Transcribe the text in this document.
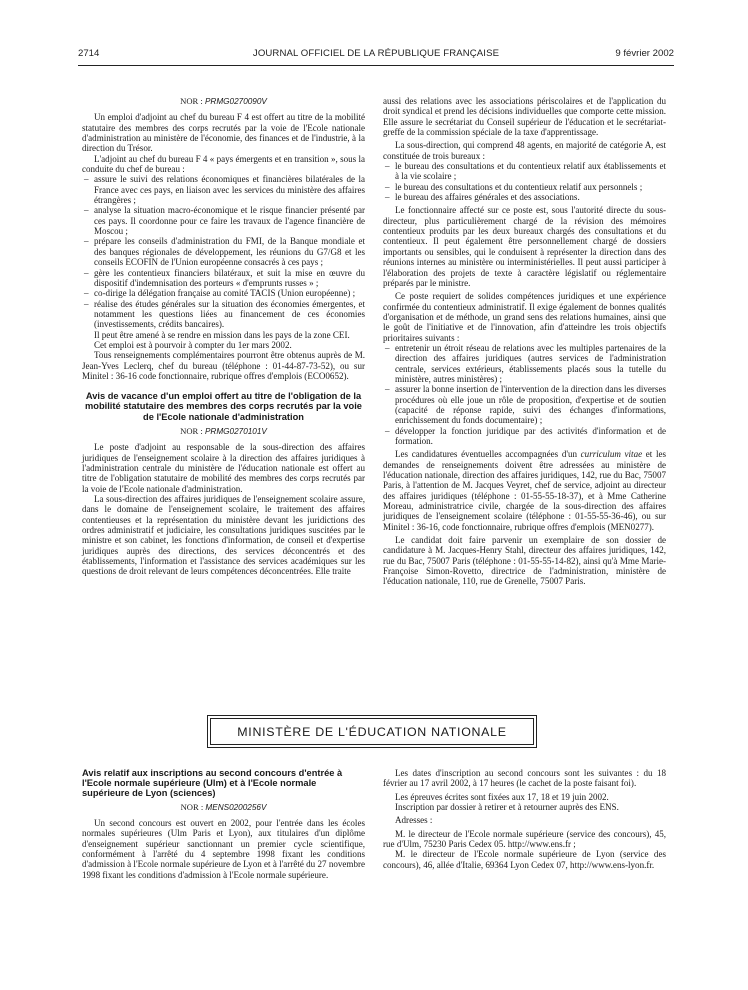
2714	JOURNAL OFFICIEL DE LA RÉPUBLIQUE FRANÇAISE	9 février 2002

NOR : PRMG0270090V

Un emploi d'adjoint au chef du bureau F 4 est offert au titre de la mobilité statutaire des membres des corps recrutés par la voie de l'Ecole nationale d'administration au ministère de l'économie, des finances et de l'industrie, à la direction du Trésor.

L'adjoint au chef du bureau F 4 « pays émergents et en transition », sous la conduite du chef de bureau :

– assure le suivi des relations économiques et financières bilatérales de la France avec ces pays, en liaison avec les services du ministère des affaires étrangères ;
– analyse la situation macro-économique et le risque financier présenté par ces pays. Il coordonne pour ce faire les travaux de l'agence financière de Moscou ;
– prépare les conseils d'administration du FMI, de la Banque mondiale et des banques régionales de développement, les réunions du G7/G8 et les conseils ECOFIN de l'Union européenne consacrés à ces pays ;
– gère les contentieux financiers bilatéraux, et suit la mise en œuvre du dispositif d'indemnisation des porteurs « d'emprunts russes » ;
– co-dirige la délégation française au comité TACIS (Union européenne) ;
– réalise des études générales sur la situation des économies émergentes, et notamment les questions liées au financement de ces économies (investissements, crédits bancaires).

Il peut être amené à se rendre en mission dans les pays de la zone CEI.

Cet emploi est à pourvoir à compter du 1er mars 2002.

Tous renseignements complémentaires pourront être obtenus auprès de M. Jean-Yves Leclerq, chef du bureau (téléphone : 01-44-87-73-52), ou sur Minitel : 36-16 code fonctionnaire, rubrique offres d'emplois (ECO0652).

Avis de vacance d'un emploi offert au titre de l'obligation de la mobilité statutaire des membres des corps recrutés par la voie de l'Ecole nationale d'administration

NOR : PRMG0270101V

Le poste d'adjoint au responsable de la sous-direction des affaires juridiques de l'enseignement scolaire à la direction des affaires juridiques à l'administration centrale du ministère de l'éducation nationale est offert au titre de l'obligation statutaire de mobilité des membres des corps recrutés par la voie de l'Ecole nationale d'administration.

La sous-direction des affaires juridiques de l'enseignement scolaire assure, dans le domaine de l'enseignement scolaire, le traitement des affaires contentieuses et la représentation du ministère devant les juridictions des ordres administratif et judiciaire, les consultations juridiques suscitées par le ministre et son cabinet, les fonctions d'information, de conseil et d'expertise juridiques auprès des directions, des services déconcentrés et des établissements, l'information et l'assistance des services académiques sur les questions de droit relevant de leurs compétences déconcentrées. Elle traite

aussi des relations avec les associations périscolaires et de l'application du droit syndical et prend les décisions individuelles que comporte cette mission. Elle assure le secrétariat du Conseil supérieur de l'éducation et le secrétariat-greffe de la commission spéciale de la taxe d'apprentissage.

La sous-direction, qui comprend 48 agents, en majorité de catégorie A, est constituée de trois bureaux :

– le bureau des consultations et du contentieux relatif aux établissements et à la vie scolaire ;
– le bureau des consultations et du contentieux relatif aux personnels ;
– le bureau des affaires générales et des associations.

Le fonctionnaire affecté sur ce poste est, sous l'autorité directe du sous-directeur, plus particulièrement chargé de la révision des mémoires contentieux produits par les deux bureaux chargés des consultations et du contentieux. Il peut également être personnellement chargé de dossiers importants ou sensibles, qui le conduisent à représenter la direction dans des réunions internes au ministère ou interministérielles. Il peut aussi participer à l'élaboration des projets de texte à caractère législatif ou réglementaire préparés par le ministre.

Ce poste requiert de solides compétences juridiques et une expérience confirmée du contentieux administratif. Il exige également de bonnes qualités d'organisation et de méthode, un grand sens des relations humaines, ainsi que le goût de l'initiative et de l'innovation, afin d'atteindre les trois objectifs prioritaires suivants :

– entretenir un étroit réseau de relations avec les multiples partenaires de la direction des affaires juridiques (autres services de l'administration centrale, services extérieurs, établissements placés sous la tutelle du ministère, autres ministères) ;
– assurer la bonne insertion de l'intervention de la direction dans les diverses procédures où elle joue un rôle de proposition, d'expertise et de soutien (capacité de réponse rapide, suivi des échanges d'informations, enrichissement du fonds documentaire) ;
– développer la fonction juridique par des activités d'information et de formation.

Les candidatures éventuelles accompagnées d'un curriculum vitae et les demandes de renseignements doivent être adressées au ministère de l'éducation nationale, direction des affaires juridiques, 142, rue du Bac, 75007 Paris, à l'attention de M. Jacques Veyret, chef de service, adjoint au directeur des affaires juridiques (téléphone : 01-55-55-18-37), et à Mme Catherine Moreau, administratrice civile, chargée de la sous-direction des affaires juridiques de l'enseignement scolaire (téléphone : 01-55-55-36-46), ou sur Minitel : 36-16, code fonctionnaire, rubrique offres d'emplois (MEN0277).

Le candidat doit faire parvenir un exemplaire de son dossier de candidature à M. Jacques-Henry Stahl, directeur des affaires juridiques, 142, rue du Bac, 75007 Paris (téléphone : 01-55-55-14-82), ainsi qu'à Mme Marie-Françoise Simon-Rovetto, directrice de l'administration, ministère de l'éducation nationale, 110, rue de Grenelle, 75007 Paris.

MINISTÈRE DE L'ÉDUCATION NATIONALE
Avis relatif aux inscriptions au second concours d'entrée à l'Ecole normale supérieure (Ulm) et à l'Ecole normale supérieure de Lyon (sciences)

NOR : MENS0200256V

Un second concours est ouvert en 2002, pour l'entrée dans les écoles normales supérieures (Ulm Paris et Lyon), aux titulaires d'un diplôme d'enseignement supérieur sanctionnant un premier cycle scientifique, conformément à l'arrêté du 4 septembre 1998 fixant les conditions d'admission à l'Ecole normale supérieure de Lyon et à l'arrêté du 27 novembre 1998 fixant les conditions d'admission à l'Ecole normale supérieure.

Les dates d'inscription au second concours sont les suivantes : du 18 février au 17 avril 2002, à 17 heures (le cachet de la poste faisant foi).

Les épreuves écrites sont fixées aux 17, 18 et 19 juin 2002.

Inscription par dossier à retirer et à retourner auprès des ENS.

Adresses :

M. le directeur de l'Ecole normale supérieure (service des concours), 45, rue d'Ulm, 75230 Paris Cedex 05. http://www.ens.fr ;

M. le directeur de l'Ecole normale supérieure de Lyon (service des concours), 46, allée d'Italie, 69364 Lyon Cedex 07, http://www.ens-lyon.fr.
